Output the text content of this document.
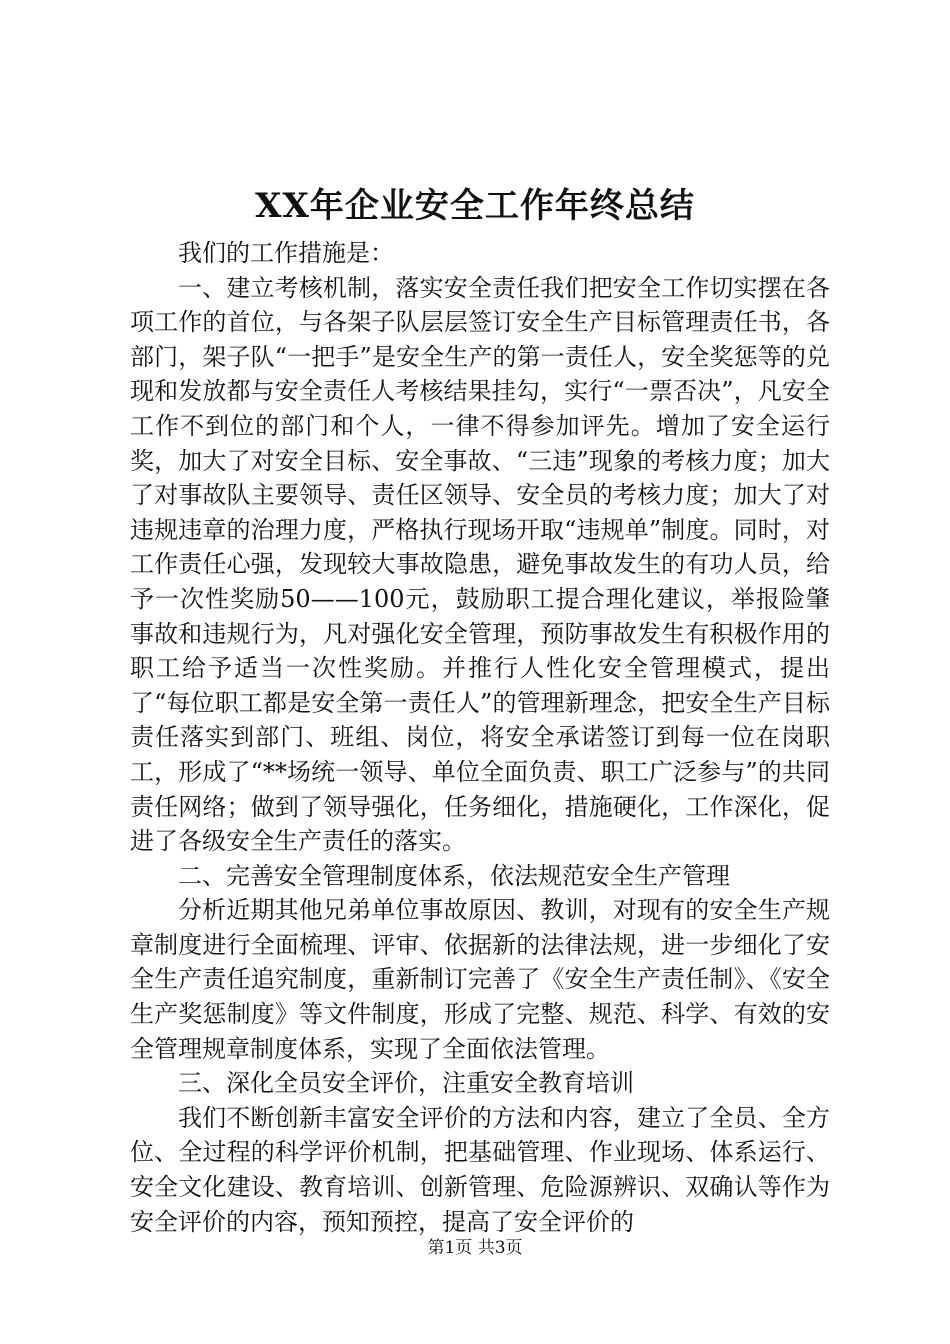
XX年企业安全工作年终总结

我们的工作措施是：

一、建立考核机制，落实安全责任我们把安全工作切实摆在各项工作的首位，与各架子队层层签订安全生产目标管理责任书，各部门，架子队“一把手”是安全生产的第一责任人，安全奖惩等的兑现和发放都与安全责任人考核结果挂勾，实行“一票否决”，凡安全工作不到位的部门和个人，一律不得参加评先。增加了安全运行奖，加大了对安全目标、安全事故、“三违”现象的考核力度；加大了对事故队主要领导、责任区领导、安全员的考核力度；加大了对违规违章的治理力度，严格执行现场开取“违规单”制度。同时，对工作责任心强，发现较大事故隐患，避免事故发生的有功人员，给予一次性奖励50——100元，鼓励职工提合理化建议，举报险肇事故和违规行为，凡对强化安全管理，预防事故发生有积极作用的职工给予适当一次性奖励。并推行人性化安全管理模式，提出了“每位职工都是安全第一责任人”的管理新理念，把安全生产目标责任落实到部门、班组、岗位，将安全承诺签订到每一位在岗职工，形成了“**场统一领导、单位全面负责、职工广泛参与”的共同责任网络；做到了领导强化，任务细化，措施硬化，工作深化，促进了各级安全生产责任的落实。

二、完善安全管理制度体系，依法规范安全生产管理

分析近期其他兄弟单位事故原因、教训，对现有的安全生产规章制度进行全面梳理、评审、依据新的法律法规，进一步细化了安全生产责任追究制度，重新制订完善了《安全生产责任制》、《安全生产奖惩制度》等文件制度，形成了完整、规范、科学、有效的安全管理规章制度体系，实现了全面依法管理。

三、深化全员安全评价，注重安全教育培训

我们不断创新丰富安全评价的方法和内容，建立了全员、全方位、全过程的科学评价机制，把基础管理、作业现场、体系运行、安全文化建设、教育培训、创新管理、危险源辨识、双确认等作为安全评价的内容，预知预控，提高了安全评价的

第1页 共3页
